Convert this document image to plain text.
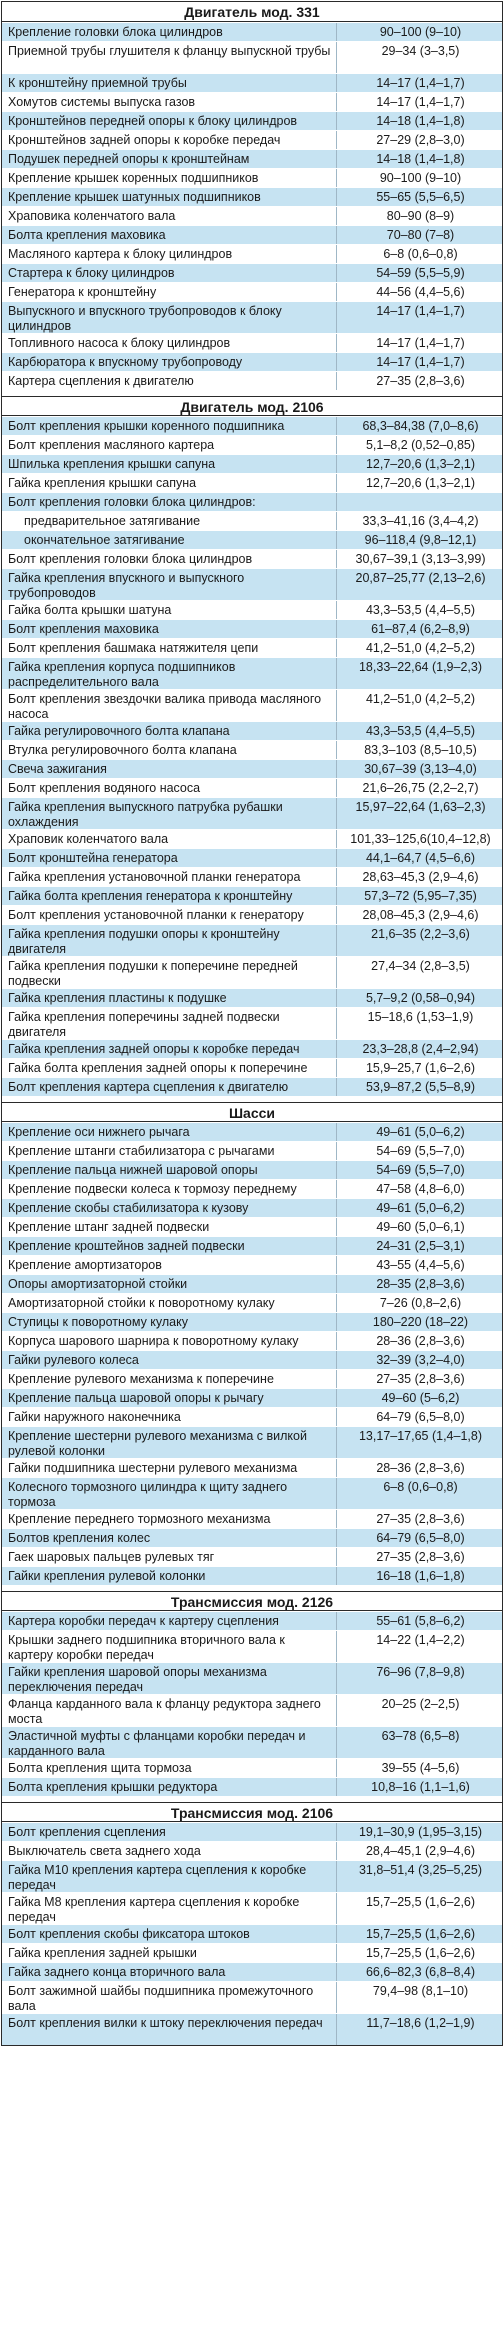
Двигатель мод. 331
Крепление головки блока цилиндров	90–100 (9–10)
Приемной трубы глушителя к фланцу выпускной трубы	29–34 (3–3,5)
К кронштейну приемной трубы	14–17 (1,4–1,7)
Хомутов системы выпуска газов	14–17 (1,4–1,7)
Кронштейнов передней опоры к блоку цилиндров	14–18 (1,4–1,8)
Кронштейнов задней опоры к коробке передач	27–29 (2,8–3,0)
Подушек передней опоры к кронштейнам	14–18 (1,4–1,8)
Крепление крышек коренных подшипников	90–100 (9–10)
Крепление крышек шатунных подшипников	55–65 (5,5–6,5)
Храповика коленчатого вала	80–90 (8–9)
Болта крепления маховика	70–80 (7–8)
Масляного картера к блоку цилиндров	6–8 (0,6–0,8)
Стартера к блоку цилиндров	54–59 (5,5–5,9)
Генератора к кронштейну	44–56 (4,4–5,6)
Выпускного и впускного трубопроводов к блоку цилиндров
14–17 (1,4–1,7)
Топливного насоса к блоку цилиндров	14–17 (1,4–1,7)
Карбюратора к впускному трубопроводу	14–17 (1,4–1,7)
Картера сцепления к двигателю	27–35 (2,8–3,6)
Двигатель мод. 2106
Болт крепления крышки коренного подшипника	68,3–84,38 (7,0–8,6)
Болт крепления масляного картера	5,1–8,2 (0,52–0,85)
Шпилька крепления крышки сапуна	12,7–20,6 (1,3–2,1)
Гайка крепления крышки сапуна	12,7–20,6 (1,3–2,1)
Болт крепления головки блока цилиндров:
предварительное затягивание	33,3–41,16 (3,4–4,2)
окончательное затягивание	96–118,4 (9,8–12,1)
Болт крепления головки блока цилиндров	30,67–39,1 (3,13–3,99)
Гайка крепления впускного и выпускного трубопроводов
20,87–25,77 (2,13–2,6)
Гайка болта крышки шатуна	43,3–53,5 (4,4–5,5)
Болт крепления маховика	61–87,4 (6,2–8,9)
Болт крепления башмака натяжителя цепи	41,2–51,0 (4,2–5,2)
Гайка крепления корпуса подшипников распределительного вала
18,33–22,64 (1,9–2,3)
Болт крепления звездочки валика привода масляного насоса
41,2–51,0 (4,2–5,2)
Гайка регулировочного болта клапана	43,3–53,5 (4,4–5,5)
Втулка регулировочного болта клапана	83,3–103 (8,5–10,5)
Свеча зажигания	30,67–39 (3,13–4,0)
Болт крепления водяного насоса	21,6–26,75 (2,2–2,7)
Гайка крепления выпускного патрубка рубашки охлаждения
15,97–22,64 (1,63–2,3)
Храповик коленчатого вала	101,33–125,6(10,4–12,8)
Болт кронштейна генератора	44,1–64,7 (4,5–6,6)
Гайка крепления установочной планки генератора	28,63–45,3 (2,9–4,6)
Гайка болта крепления генератора к кронштейну	57,3–72 (5,95–7,35)
Болт крепления установочной планки к генератору	28,08–45,3 (2,9–4,6)
Гайка крепления подушки опоры к кронштейну двигателя
21,6–35 (2,2–3,6)
Гайка крепления подушки к поперечине передней подвески
27,4–34 (2,8–3,5)
Гайка крепления пластины к подушке	5,7–9,2 (0,58–0,94)
Гайка крепления поперечины задней подвески двигателя
15–18,6 (1,53–1,9)
Гайка крепления задней опоры к коробке передач	23,3–28,8 (2,4–2,94)
Гайка болта крепления задней опоры к поперечине	15,9–25,7 (1,6–2,6)
Болт крепления картера сцепления к двигателю	53,9–87,2 (5,5–8,9)
Шасси
Крепление оси нижнего рычага	49–61 (5,0–6,2)
Крепление штанги стабилизатора с рычагами	54–69 (5,5–7,0)
Крепление пальца нижней шаровой опоры	54–69 (5,5–7,0)
Крепление подвески колеса к тормозу переднему	47–58 (4,8–6,0)
Крепление скобы стабилизатора к кузову	49–61 (5,0–6,2)
Крепление штанг задней подвески	49–60 (5,0–6,1)
Крепление кроштейнов задней подвески	24–31 (2,5–3,1)
Крепление амортизаторов	43–55 (4,4–5,6)
Опоры амортизаторной стойки	28–35 (2,8–3,6)
Амортизаторной стойки к поворотному кулаку	7–26 (0,8–2,6)
Ступицы к поворотному кулаку	180–220 (18–22)
Корпуса шарового шарнира к поворотному кулаку	28–36 (2,8–3,6)
Гайки рулевого колеса	32–39 (3,2–4,0)
Крепление рулевого механизма к поперечине	27–35 (2,8–3,6)
Крепление пальца шаровой опоры к рычагу	49–60 (5–6,2)
Гайки наружного наконечника	64–79 (6,5–8,0)
Крепление шестерни рулевого механизма с вилкой рулевой колонки
13,17–17,65 (1,4–1,8)
Гайки подшипника шестерни рулевого механизма	28–36 (2,8–3,6)
Колесного тормозного цилиндра к щиту заднего тормоза
6–8 (0,6–0,8)
Крепление переднего тормозного механизма	27–35 (2,8–3,6)
Болтов крепления колес	64–79 (6,5–8,0)
Гаек шаровых пальцев рулевых тяг	27–35 (2,8–3,6)
Гайки крепления рулевой колонки	16–18 (1,6–1,8)
Трансмиссия мод. 2126
Картера коробки передач к картеру сцепления	55–61 (5,8–6,2)
Крышки заднего подшипника вторичного вала к картеру коробки передач
14–22 (1,4–2,2)
Гайки крепления шаровой опоры механизма переключения передач
76–96 (7,8–9,8)
Фланца карданного вала к фланцу редуктора заднего моста
20–25 (2–2,5)
Эластичной муфты с фланцами коробки передач и карданного вала
63–78 (6,5–8)
Болта крепления щита тормоза	39–55 (4–5,6)
Болта крепления крышки редуктора	10,8–16 (1,1–1,6)
Трансмиссия мод. 2106
Болт крепления сцепления	19,1–30,9 (1,95–3,15)
Выключатель света заднего хода	28,4–45,1 (2,9–4,6)
Гайка М10 крепления картера сцепления к коробке передач
31,8–51,4 (3,25–5,25)
Гайка М8 крепления картера сцепления к коробке передач
15,7–25,5 (1,6–2,6)
Болт крепления скобы фиксатора штоков	15,7–25,5 (1,6–2,6)
Гайка крепления задней крышки	15,7–25,5 (1,6–2,6)
Гайка заднего конца вторичного вала	66,6–82,3 (6,8–8,4)
Болт зажимной шайбы подшипника промежуточного вала
79,4–98 (8,1–10)
Болт крепления вилки к штоку переключения передач	11,7–18,6 (1,2–1,9)
